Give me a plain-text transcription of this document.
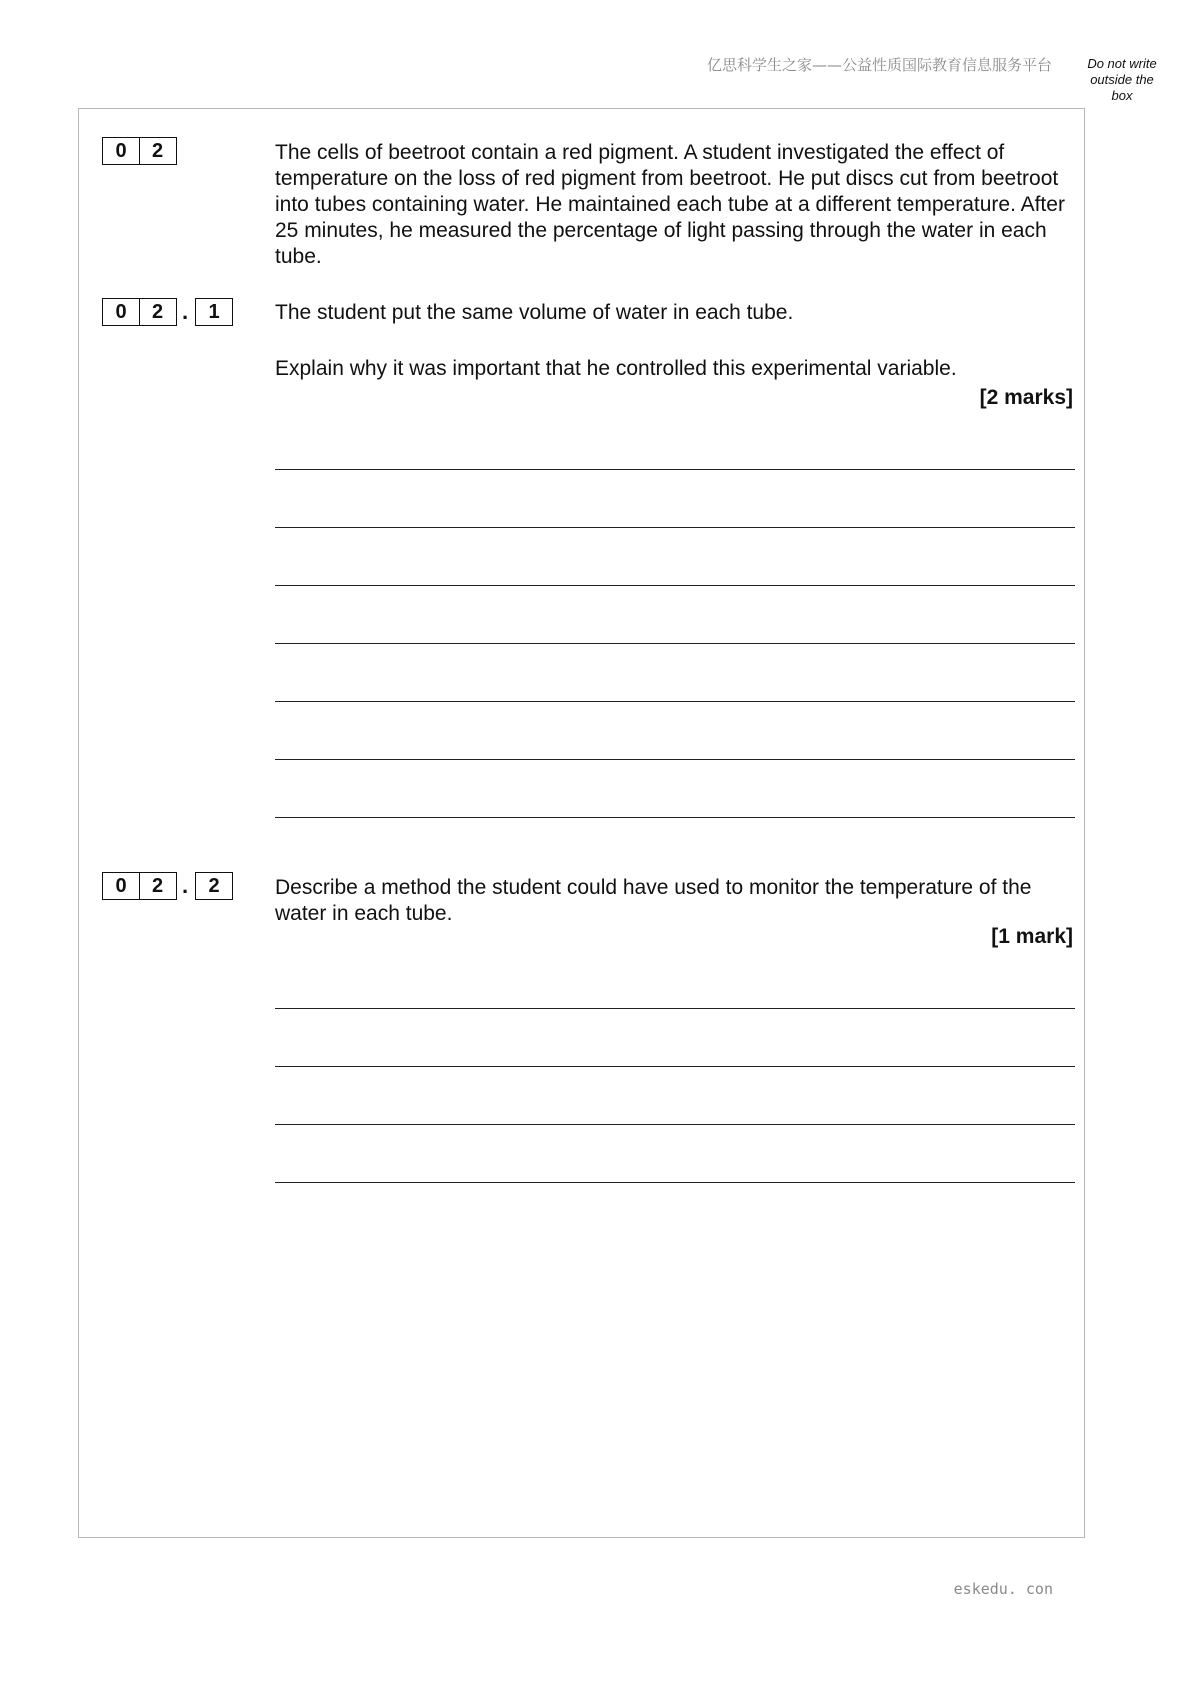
亿思科学生之家——公益性质国际教育信息服务平台	Do not write outside the box
0	2	The cells of beetroot contain a red pigment. A student investigated the effect of temperature on the loss of red pigment from beetroot. He put discs cut from beetroot into tubes containing water. He maintained each tube at a different temperature. After 25 minutes, he measured the percentage of light passing through the water in each tube.

0	2 .	1	The student put the same volume of water in each tube.

Explain why it was important that he controlled this experimental variable.

[2 marks]
0	2 .	2	Describe a method the student could have used to monitor the temperature of the water in each tube.

[1 mark]
eskedu. con
